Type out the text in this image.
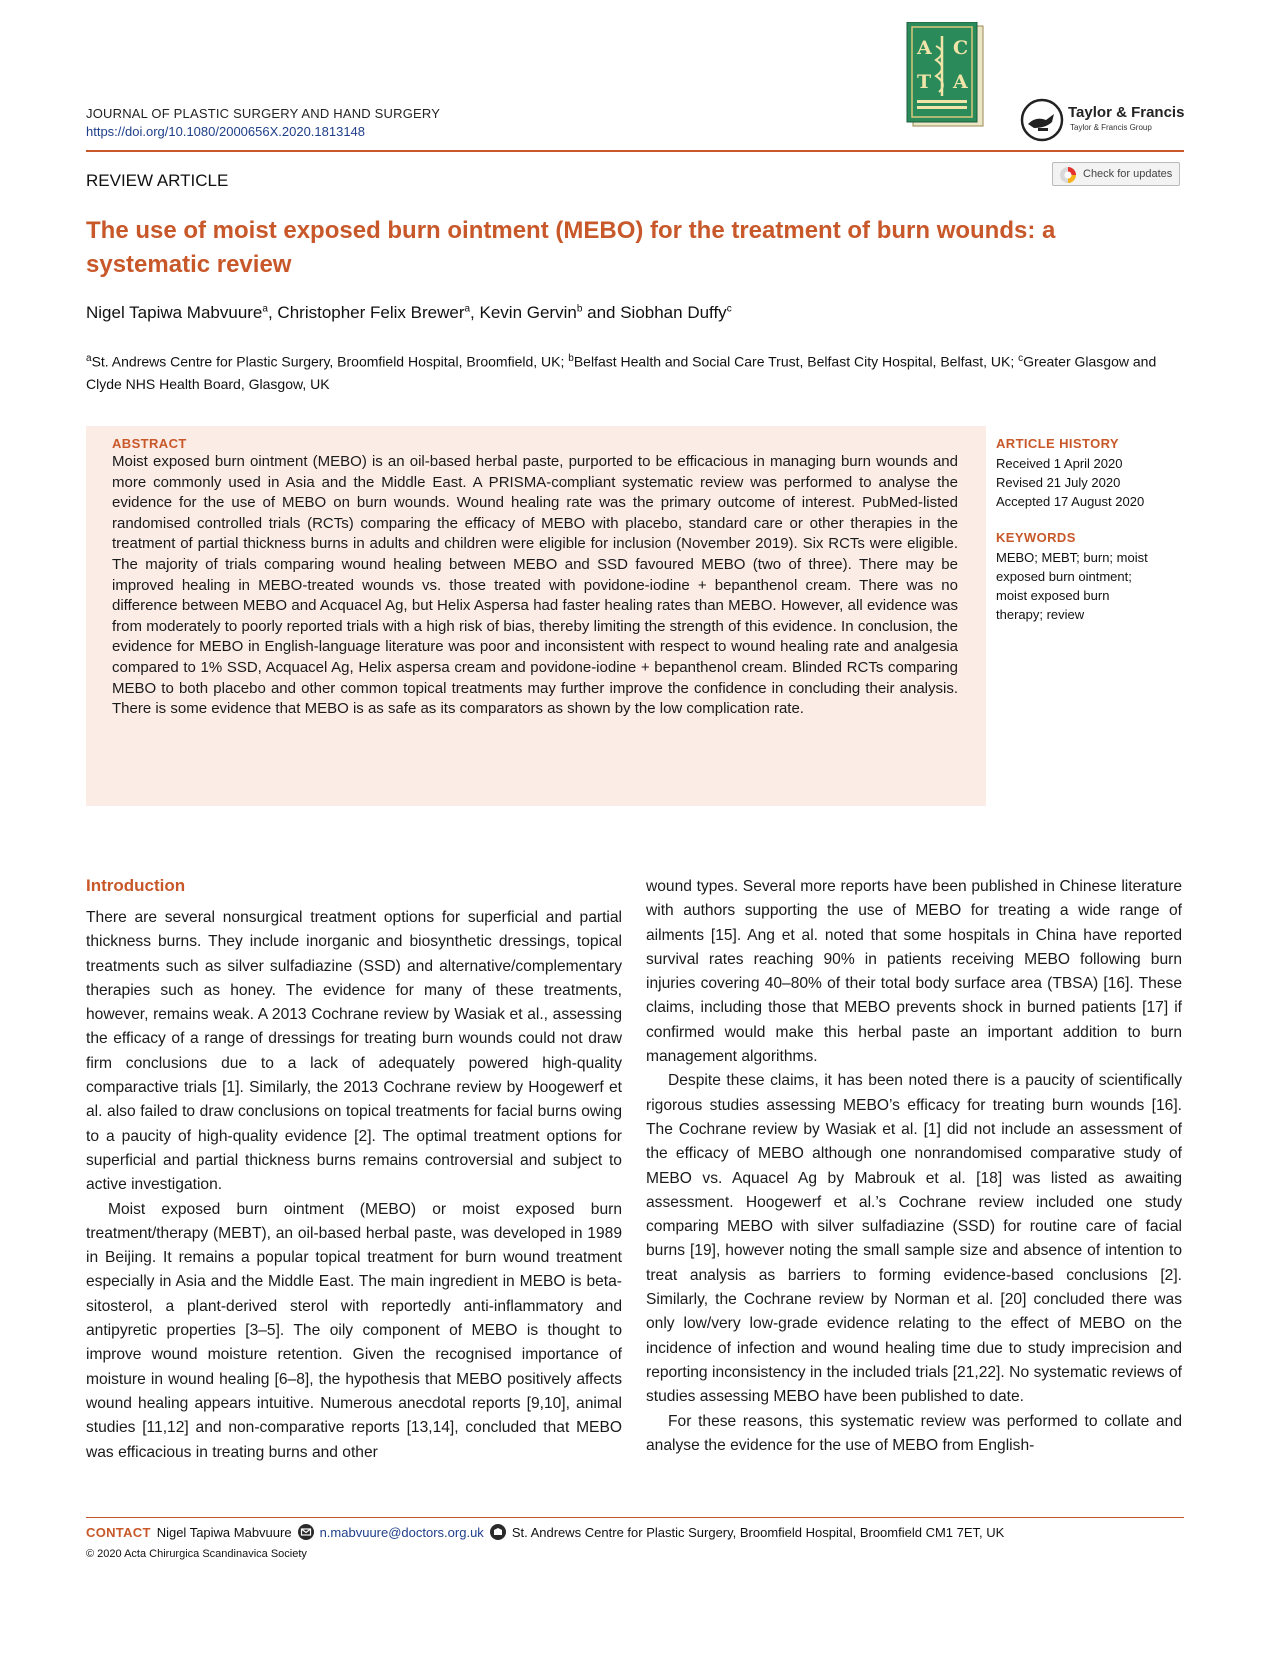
JOURNAL OF PLASTIC SURGERY AND HAND SURGERY
https://doi.org/10.1080/2000656X.2020.1813148
A C
T A
Taylor & Francis
Taylor & Francis Group
REVIEW ARTICLE	Check for updates
The use of moist exposed burn ointment (MEBO) for the treatment of burn wounds: a systematic review
Nigel Tapiwa Mabvuure$^a$, Christopher Felix Brewer$^a$, Kevin Gervin$^b$ and Siobhan Duffy$^c$
$^a$St. Andrews Centre for Plastic Surgery, Broomfield Hospital, Broomfield, UK; $^b$Belfast Health and Social Care Trust, Belfast City Hospital, Belfast, UK; $^c$Greater Glasgow and Clyde NHS Health Board, Glasgow, UK
ABSTRACT
Moist exposed burn ointment (MEBO) is an oil-based herbal paste, purported to be efficacious in managing burn wounds and more commonly used in Asia and the Middle East. A PRISMA-compliant systematic review was performed to analyse the evidence for the use of MEBO on burn wounds. Wound healing rate was the primary outcome of interest. PubMed-listed randomised controlled trials (RCTs) comparing the efficacy of MEBO with placebo, standard care or other therapies in the treatment of partial thickness burns in adults and children were eligible for inclusion (November 2019). Six RCTs were eligible. The majority of trials comparing wound healing between MEBO and SSD favoured MEBO (two of three). There may be improved healing in MEBO-treated wounds vs. those treated with povidone-iodine + bepanthenol cream. There was no difference between MEBO and Acquacel Ag, but Helix Aspersa had faster healing rates than MEBO. However, all evidence was from moderately to poorly reported trials with a high risk of bias, thereby limiting the strength of this evidence. In conclusion, the evidence for MEBO in English-language literature was poor and inconsistent with respect to wound healing rate and analgesia compared to 1% SSD, Acquacel Ag, Helix aspersa cream and povidone-iodine + bepanthenol cream. Blinded RCTs comparing MEBO to both placebo and other common topical treatments may further improve the confidence in concluding their analysis. There is some evidence that MEBO is as safe as its comparators as shown by the low complication rate.
ARTICLE HISTORY
Received 1 April 2020
Revised 21 July 2020
Accepted 17 August 2020
KEYWORDS
MEBO; MEBT; burn; moist
exposed burn ointment;
moist exposed burn
therapy; review
Introduction

There are several nonsurgical treatment options for superficial and partial thickness burns. They include inorganic and biosynthetic dressings, topical treatments such as silver sulfadiazine (SSD) and alternative/complementary therapies such as honey. The evidence for many of these treatments, however, remains weak. A 2013 Cochrane review by Wasiak et al., assessing the efficacy of a range of dressings for treating burn wounds could not draw firm conclusions due to a lack of adequately powered high-quality comparactive trials [1]. Similarly, the 2013 Cochrane review by Hoogewerf et al. also failed to draw conclusions on topical treatments for facial burns owing to a paucity of high-quality evidence [2]. The optimal treatment options for superficial and partial thickness burns remains controversial and subject to active investigation.

Moist exposed burn ointment (MEBO) or moist exposed burn treatment/therapy (MEBT), an oil-based herbal paste, was developed in 1989 in Beijing. It remains a popular topical treatment for burn wound treatment especially in Asia and the Middle East. The main ingredient in MEBO is beta-sitosterol, a plant-derived sterol with reportedly anti-inflammatory and antipyretic properties [3–5]. The oily component of MEBO is thought to improve wound moisture retention. Given the recognised importance of moisture in wound healing [6–8], the hypothesis that MEBO positively affects wound healing appears intuitive. Numerous anecdotal reports [9,10], animal studies [11,12] and non-comparative reports [13,14], concluded that MEBO was efficacious in treating burns and other

wound types. Several more reports have been published in Chinese literature with authors supporting the use of MEBO for treating a wide range of ailments [15]. Ang et al. noted that some hospitals in China have reported survival rates reaching 90% in patients receiving MEBO following burn injuries covering 40–80% of their total body surface area (TBSA) [16]. These claims, including those that MEBO prevents shock in burned patients [17] if confirmed would make this herbal paste an important addition to burn management algorithms.

Despite these claims, it has been noted there is a paucity of scientifically rigorous studies assessing MEBO’s efficacy for treating burn wounds [16]. The Cochrane review by Wasiak et al. [1] did not include an assessment of the efficacy of MEBO although one nonrandomised comparative study of MEBO vs. Aquacel Ag by Mabrouk et al. [18] was listed as awaiting assessment. Hoogewerf et al.’s Cochrane review included one study comparing MEBO with silver sulfadiazine (SSD) for routine care of facial burns [19], however noting the small sample size and absence of intention to treat analysis as barriers to forming evidence-based conclusions [2]. Similarly, the Cochrane review by Norman et al. [20] concluded there was only low/very low-grade evidence relating to the effect of MEBO on the incidence of infection and wound healing time due to study imprecision and reporting inconsistency in the included trials [21,22]. No systematic reviews of studies assessing MEBO have been published to date.

For these reasons, this systematic review was performed to collate and analyse the evidence for the use of MEBO from English-

CONTACT Nigel Tapiwa Mabvuure n.mabvuure@doctors.org.uk St. Andrews Centre for Plastic Surgery, Broomfield Hospital, Broomfield CM1 7ET, UK
© 2020 Acta Chirurgica Scandinavica Society
